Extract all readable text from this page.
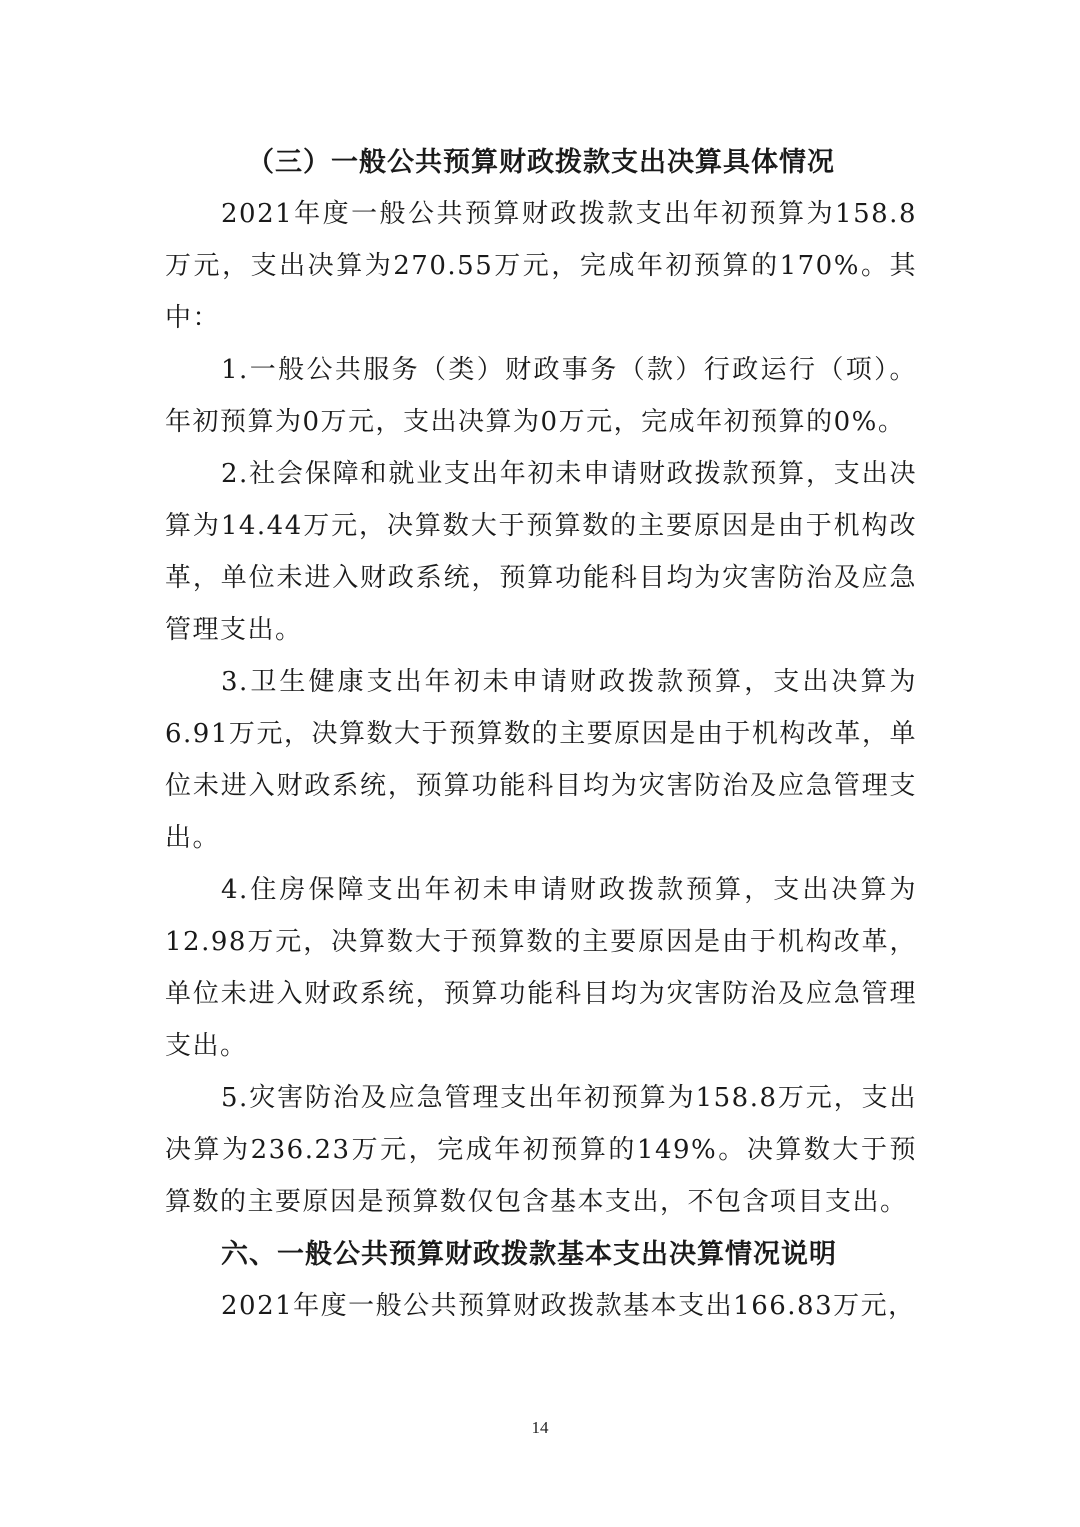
（三）一般公共预算财政拨款支出决算具体情况

2021年度一般公共预算财政拨款支出年初预算为158.8万元，支出决算为270.55万元，完成年初预算的170%。其中：

1.一般公共服务（类）财政事务（款）行政运行（项）。年初预算为0万元，支出决算为0万元，完成年初预算的0%。

2.社会保障和就业支出年初未申请财政拨款预算，支出决算为14.44万元，决算数大于预算数的主要原因是由于机构改革，单位未进入财政系统，预算功能科目均为灾害防治及应急管理支出。

3.卫生健康支出年初未申请财政拨款预算，支出决算为6.91万元，决算数大于预算数的主要原因是由于机构改革，单位未进入财政系统，预算功能科目均为灾害防治及应急管理支出。

4.住房保障支出年初未申请财政拨款预算，支出决算为12.98万元，决算数大于预算数的主要原因是由于机构改革，单位未进入财政系统，预算功能科目均为灾害防治及应急管理支出。

5.灾害防治及应急管理支出年初预算为158.8万元，支出决算为236.23万元，完成年初预算的149%。决算数大于预算数的主要原因是预算数仅包含基本支出，不包含项目支出。

六、一般公共预算财政拨款基本支出决算情况说明

2021年度一般公共预算财政拨款基本支出166.83万元，

14
